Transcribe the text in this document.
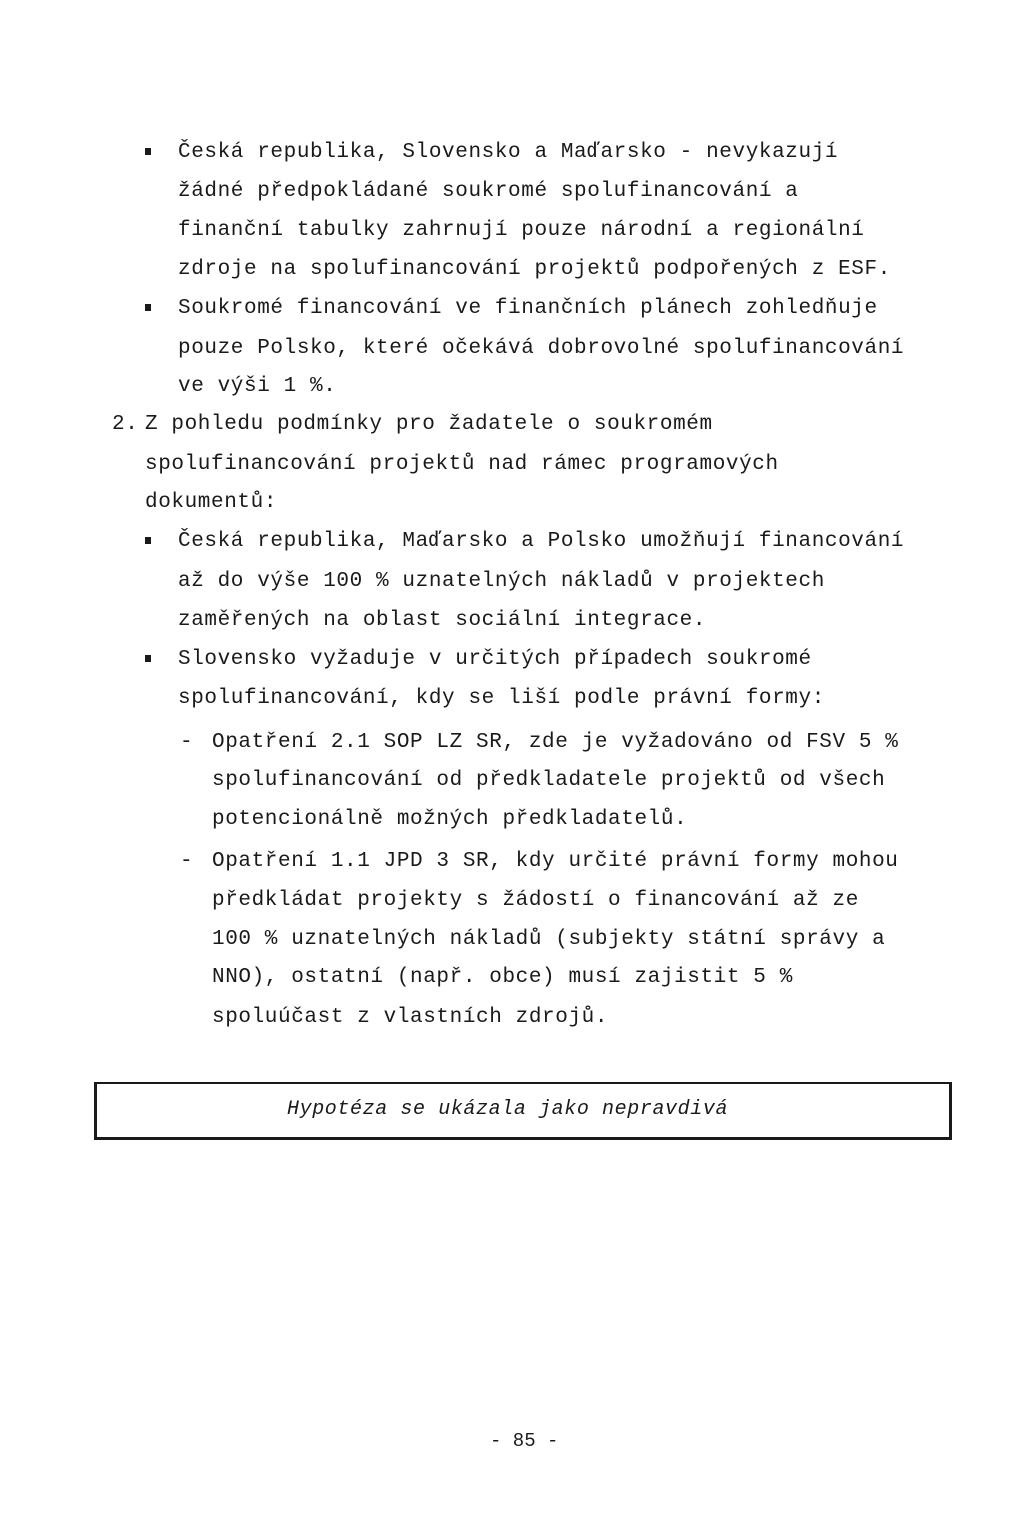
Česká republika, Slovensko a Maďarsko - nevykazují
žádné předpokládané soukromé spolufinancování a
finanční tabulky zahrnují pouze národní a regionální
zdroje na spolufinancování projektů podpořených z ESF.
Soukromé financování ve finančních plánech zohledňuje
pouze Polsko, které očekává dobrovolné spolufinancování
ve výši 1 %.
2. Z pohledu podmínky pro žadatele o soukromém
spolufinancování projektů nad rámec programových
dokumentů:
Česká republika, Maďarsko a Polsko umožňují financování
až do výše 100 % uznatelných nákladů v projektech
zaměřených na oblast sociální integrace.
Slovensko vyžaduje v určitých případech soukromé
spolufinancování, kdy se liší podle právní formy:
- Opatření 2.1 SOP LZ SR, zde je vyžadováno od FSV 5 %
spolufinancování od předkladatele projektů od všech
potencionálně možných předkladatelů.
- Opatření 1.1 JPD 3 SR, kdy určité právní formy mohou
předkládat projekty s žádostí o financování až ze
100 % uznatelných nákladů (subjekty státní správy a
NNO), ostatní (např. obce) musí zajistit 5 %
spoluúčast z vlastních zdrojů.
Hypotéza se ukázala jako nepravdivá
- 85 -
